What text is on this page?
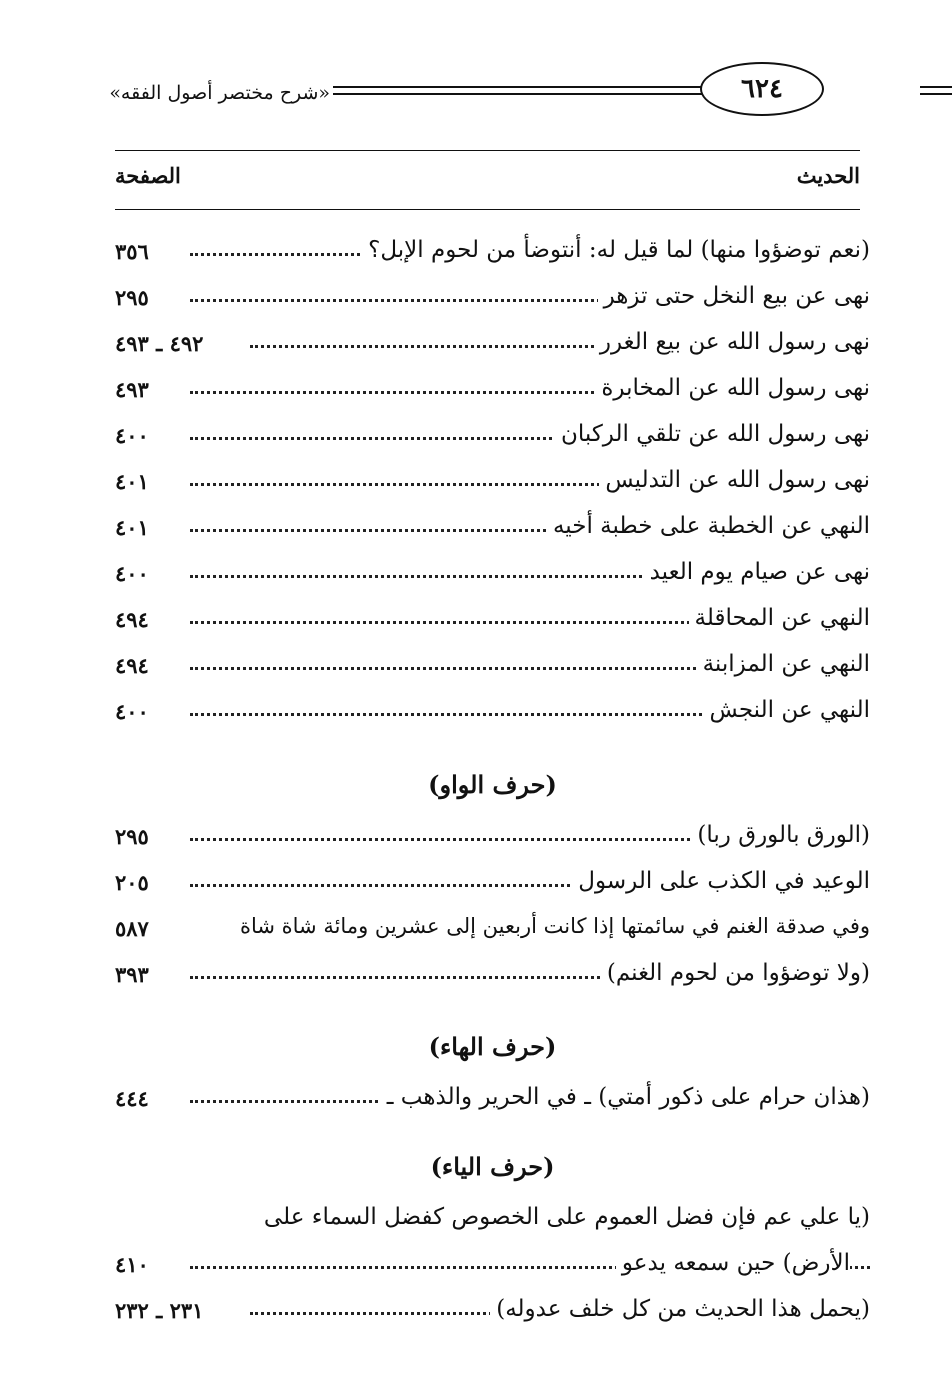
«شرح مختصر أصول الفقه»	٦٢٤
الحديث
الصفحة
(نعم توضؤوا منها) لما قيل له: أنتوضأ من لحوم الإبل؟
٣٥٦
نهى عن بيع النخل حتى تزهر
٢٩٥
نهى رسول الله عن بيع الغرر
٤٩٢ ـ ٤٩٣
نهى رسول الله عن المخابرة
٤٩٣
نهى رسول الله عن تلقي الركبان
٤٠٠
نهى رسول الله عن التدليس
٤٠١
النهي عن الخطبة على خطبة أخيه
٤٠١
نهى عن صيام يوم العيد
٤٠٠
النهي عن المحاقلة
٤٩٤
النهي عن المزابنة
٤٩٤
النهي عن النجش
٤٠٠
(حرف الواو)
(الورق بالورق ربا)
٢٩٥
الوعيد في الكذب على الرسول
٢٠٥
وفي صدقة الغنم في سائمتها إذا كانت أربعين إلى عشرين ومائة شاة شاة
٥٨٧
(ولا توضؤوا من لحوم الغنم)
٣٩٣
(حرف الهاء)
(هذان حرام على ذكور أمتي) ـ في الحرير والذهب ـ
٤٤٤
(حرف الياء)
(يا علي عم فإن فضل العموم على الخصوص كفضل السماء على
الأرض) حين سمعه يدعو
٤١٠
(يحمل هذا الحديث من كل خلف عدوله)
٢٣١ ـ ٢٣٢
